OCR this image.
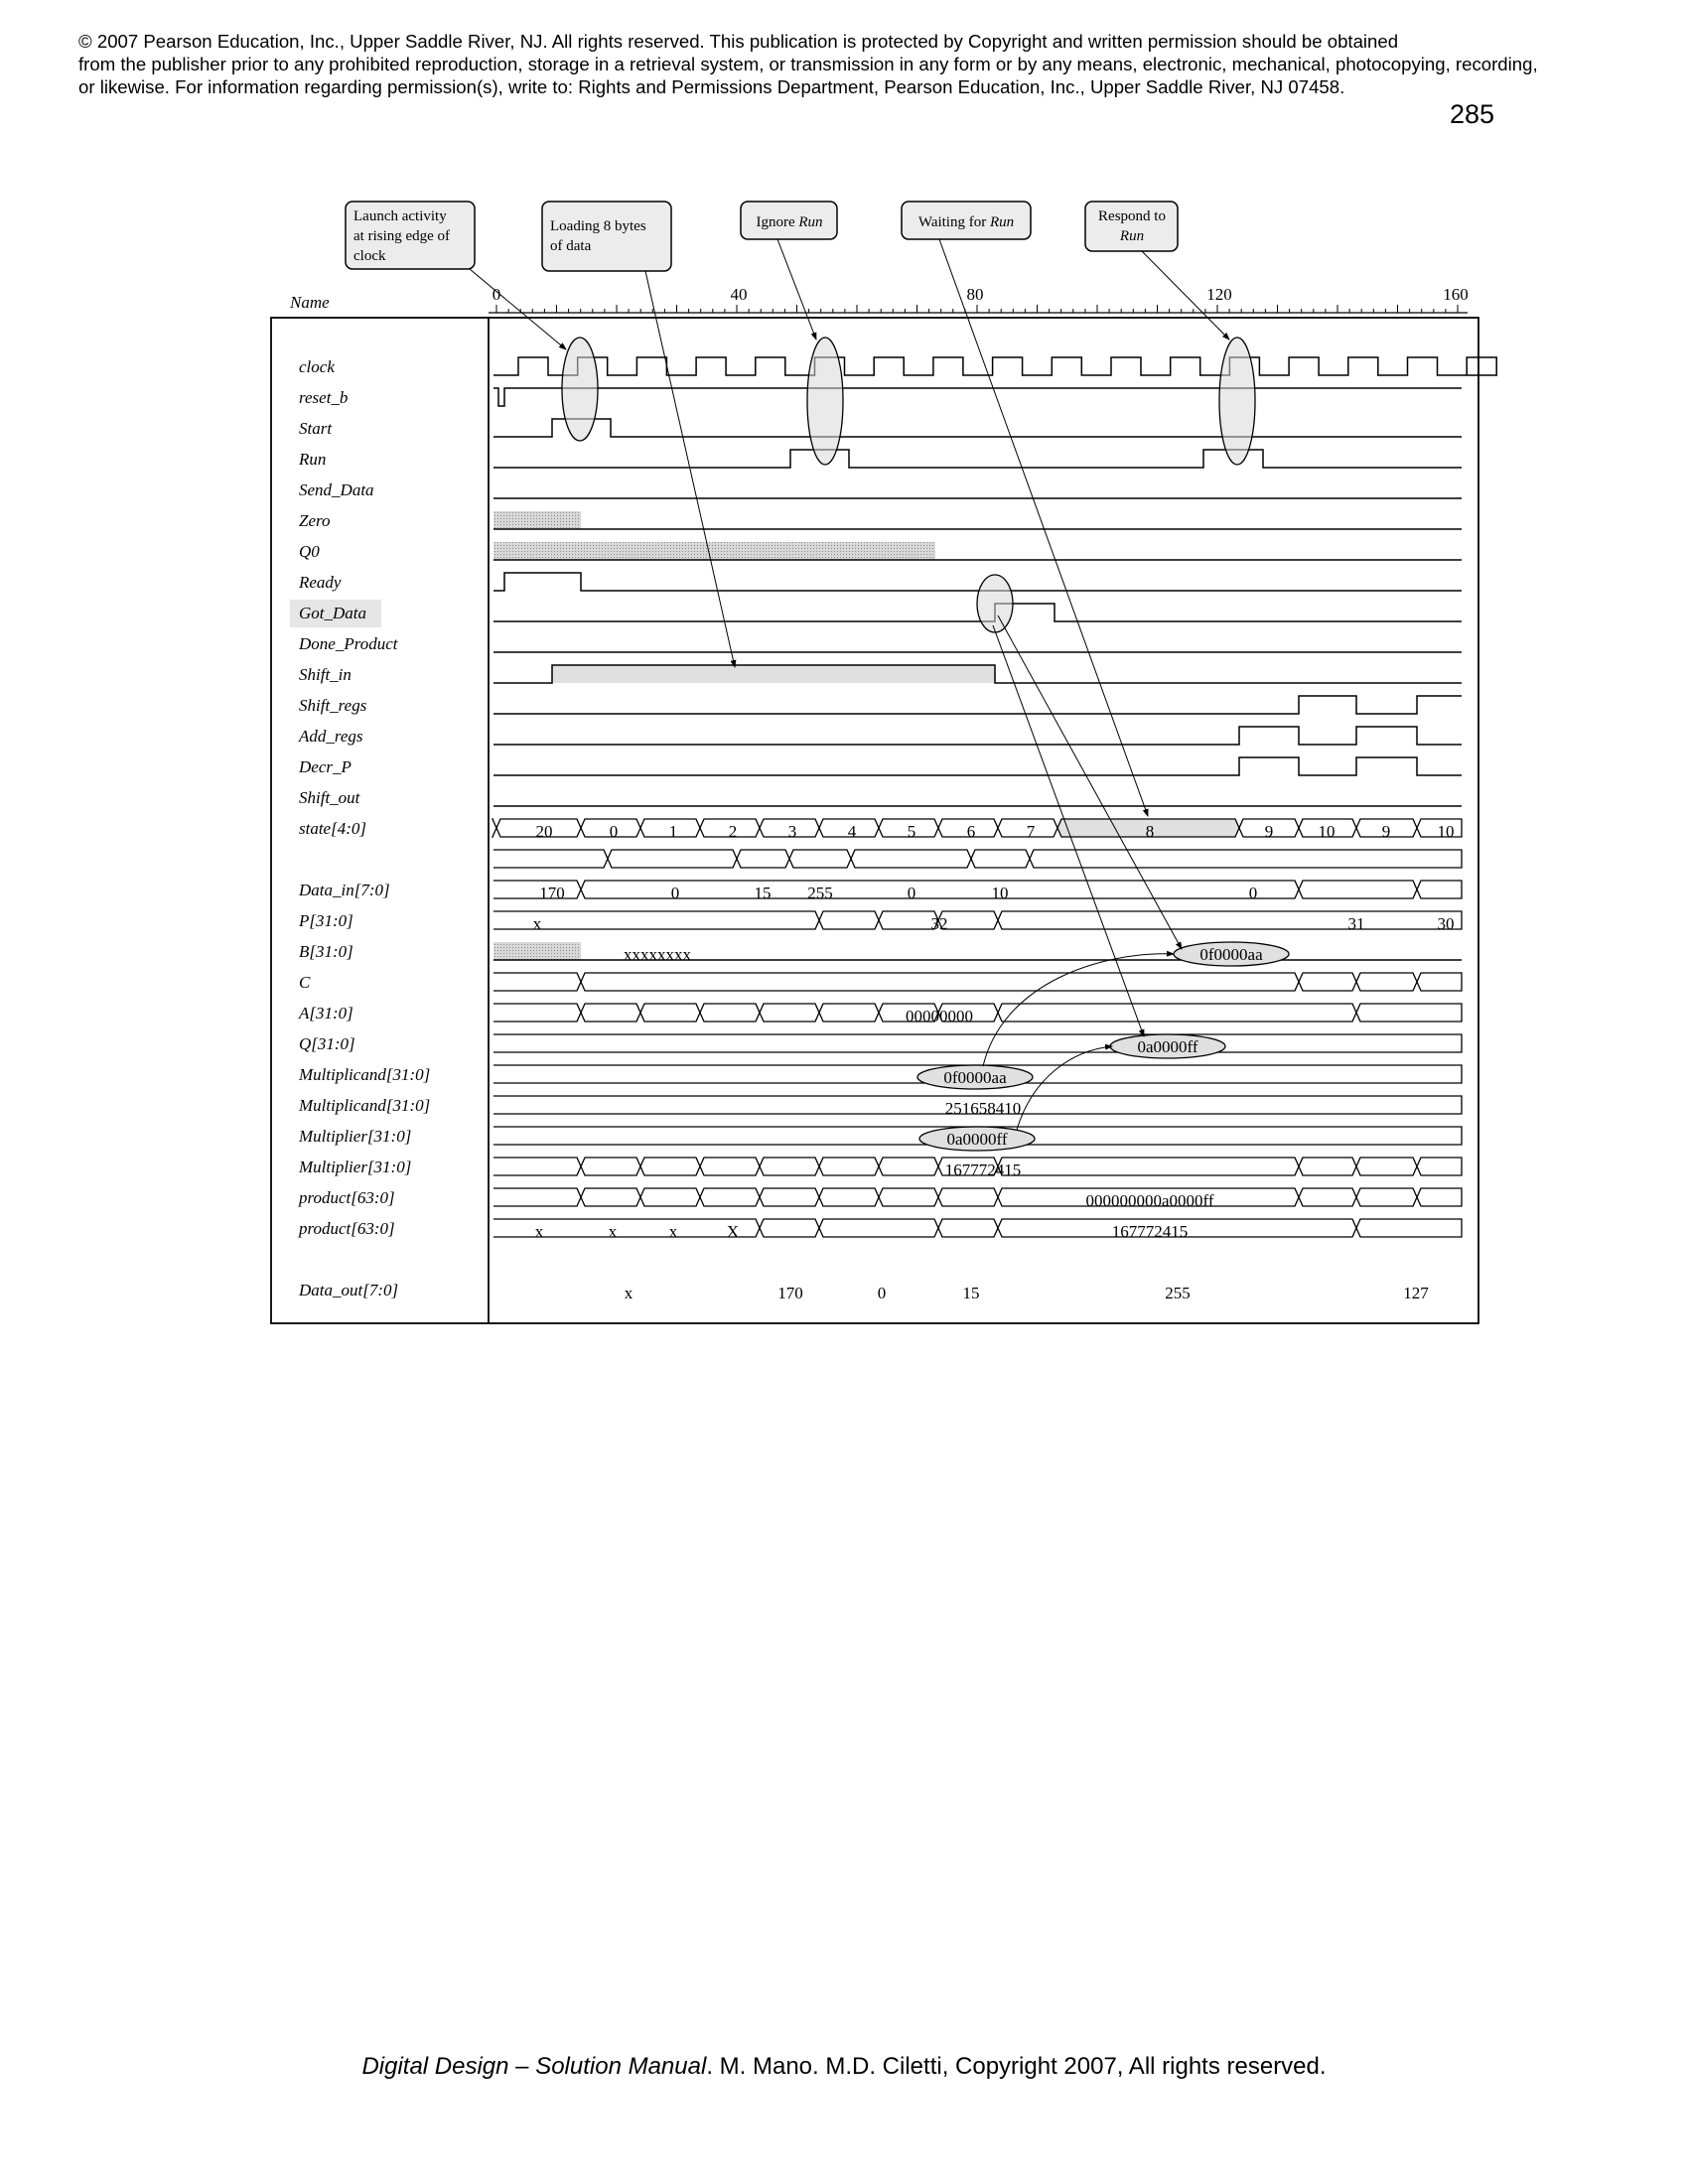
© 2007 Pearson Education, Inc., Upper Saddle River, NJ. All rights reserved. This publication is protected by Copyright and written permission should be obtained
from the publisher prior to any prohibited reproduction, storage in a retrieval system, or transmission in any form or by any means, electronic, mechanical, photocopying, recording,
or likewise. For information regarding permission(s), write to: Rights and Permissions Department, Pearson Education, Inc., Upper Saddle River, NJ 07458.
285
Launch activity
at rising edge of
clock
Loading 8 bytes
of data
Ignore Run	Waiting for Run	Respond to
Run
Name	0	40	80	120	160
clock
reset_b
Start
Run
Send_Data
Zero
Q0
Ready
Got_Data
Done_Product
Shift_in
Shift_regs
Add_regs
Decr_P
Shift_out
state[4:0]
Data_in[7:0]
P[31:0]
B[31:0]
C
A[31:0]
Q[31:0]
Multiplicand[31:0]
Multiplicand[31:0]
Multiplier[31:0]
Multiplier[31:0]
product[63:0]
product[63:0]
Data_out[7:0]
20	0	1	2	3	4	5	6	7	8	9	10	9	10
170	0	15 255	0	10	0
x	32	31	30
xxxxxxxx
00000000
251658410
167772415
000000000a0000ff
x	x	x	X	167772415
x	170	0	15	255	127
0f0000aa
0a0000ff
0f0000aa
0a0000ff
Digital Design – Solution Manual. M. Mano. M.D. Ciletti, Copyright 2007, All rights reserved.
